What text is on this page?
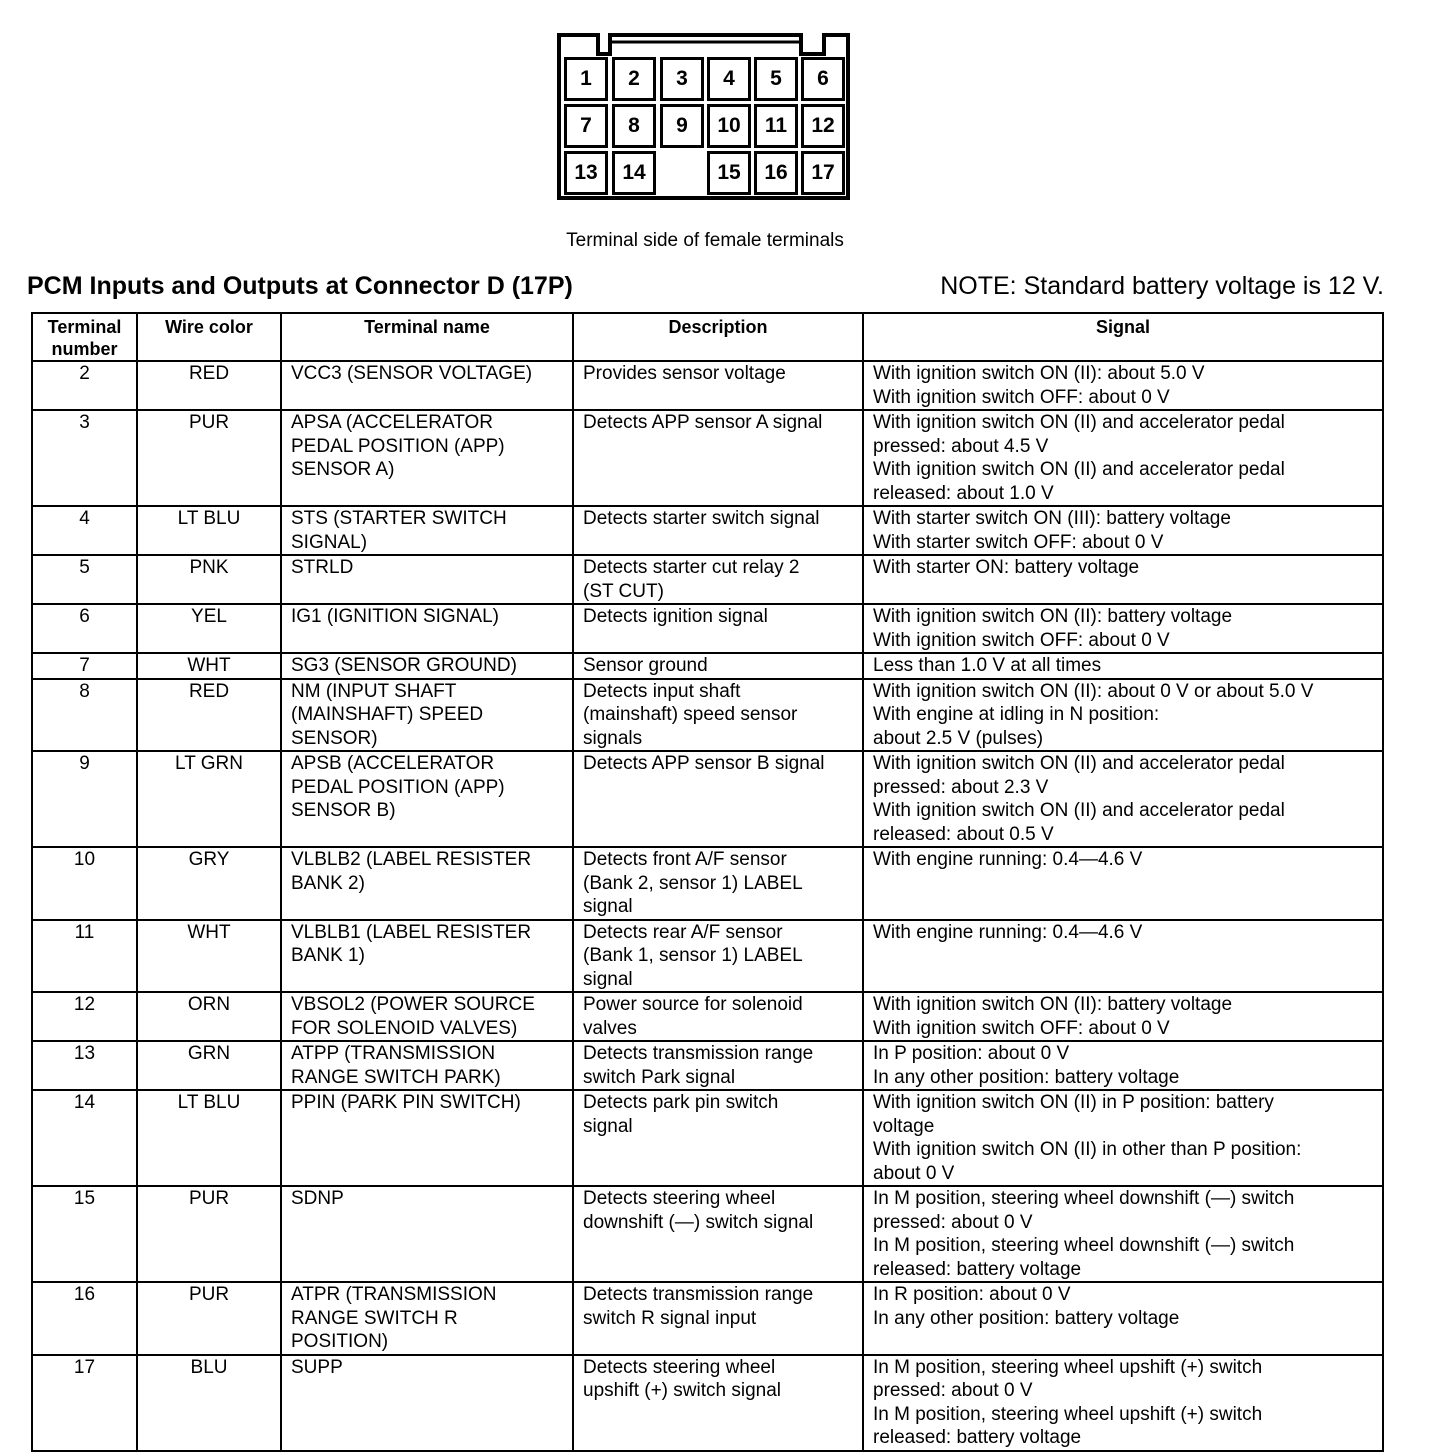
1	2	3	4	5	6
7	8	9	10	11	12
13	14	15	16	17
Terminal side of female terminals
PCM Inputs and Outputs at Connector D (17P)	NOTE: Standard battery voltage is 12 V.
Terminal
number	Wire color	Terminal name	Description	Signal

2	RED	VCC3 (SENSOR VOLTAGE)	Provides sensor voltage	With ignition switch ON (II): about 5.0 V
With ignition switch OFF: about 0 V

3	PUR	APSA (ACCELERATOR
PEDAL POSITION (APP)
SENSOR A)	Detects APP sensor A signal	With ignition switch ON (II) and accelerator pedal
pressed: about 4.5 V
With ignition switch ON (II) and accelerator pedal
released: about 1.0 V

4	LT BLU	STS (STARTER SWITCH
SIGNAL)	Detects starter switch signal	With starter switch ON (III): battery voltage
With starter switch OFF: about 0 V

5	PNK	STRLD	Detects starter cut relay 2
(ST CUT)	With starter ON: battery voltage

6	YEL	IG1 (IGNITION SIGNAL)	Detects ignition signal	With ignition switch ON (II): battery voltage
With ignition switch OFF: about 0 V

7	WHT	SG3 (SENSOR GROUND)	Sensor ground	Less than 1.0 V at all times

8	RED	NM (INPUT SHAFT
(MAINSHAFT) SPEED
SENSOR)	Detects input shaft
(mainshaft) speed sensor
signals	With ignition switch ON (II): about 0 V or about 5.0 V
With engine at idling in N position:
about 2.5 V (pulses)

9	LT GRN	APSB (ACCELERATOR
PEDAL POSITION (APP)
SENSOR B)	Detects APP sensor B signal	With ignition switch ON (II) and accelerator pedal
pressed: about 2.3 V
With ignition switch ON (II) and accelerator pedal
released: about 0.5 V

10	GRY	VLBLB2 (LABEL RESISTER
BANK 2)	Detects front A/F sensor
(Bank 2, sensor 1) LABEL
signal	With engine running: 0.4—4.6 V

11	WHT	VLBLB1 (LABEL RESISTER
BANK 1)	Detects rear A/F sensor
(Bank 1, sensor 1) LABEL
signal	With engine running: 0.4—4.6 V

12	ORN	VBSOL2 (POWER SOURCE
FOR SOLENOID VALVES)	Power source for solenoid
valves	With ignition switch ON (II): battery voltage
With ignition switch OFF: about 0 V

13	GRN	ATPP (TRANSMISSION
RANGE SWITCH PARK)	Detects transmission range
switch Park signal	In P position: about 0 V
In any other position: battery voltage

14	LT BLU	PPIN (PARK PIN SWITCH)	Detects park pin switch
signal	With ignition switch ON (II) in P position: battery
voltage
With ignition switch ON (II) in other than P position:
about 0 V

15	PUR	SDNP	Detects steering wheel
downshift (—) switch signal	In M position, steering wheel downshift (—) switch
pressed: about 0 V
In M position, steering wheel downshift (—) switch
released: battery voltage

16	PUR	ATPR (TRANSMISSION
RANGE SWITCH R
POSITION)	Detects transmission range
switch R signal input	In R position: about 0 V
In any other position: battery voltage

17	BLU	SUPP	Detects steering wheel
upshift (+) switch signal	In M position, steering wheel upshift (+) switch
pressed: about 0 V
In M position, steering wheel upshift (+) switch
released: battery voltage
